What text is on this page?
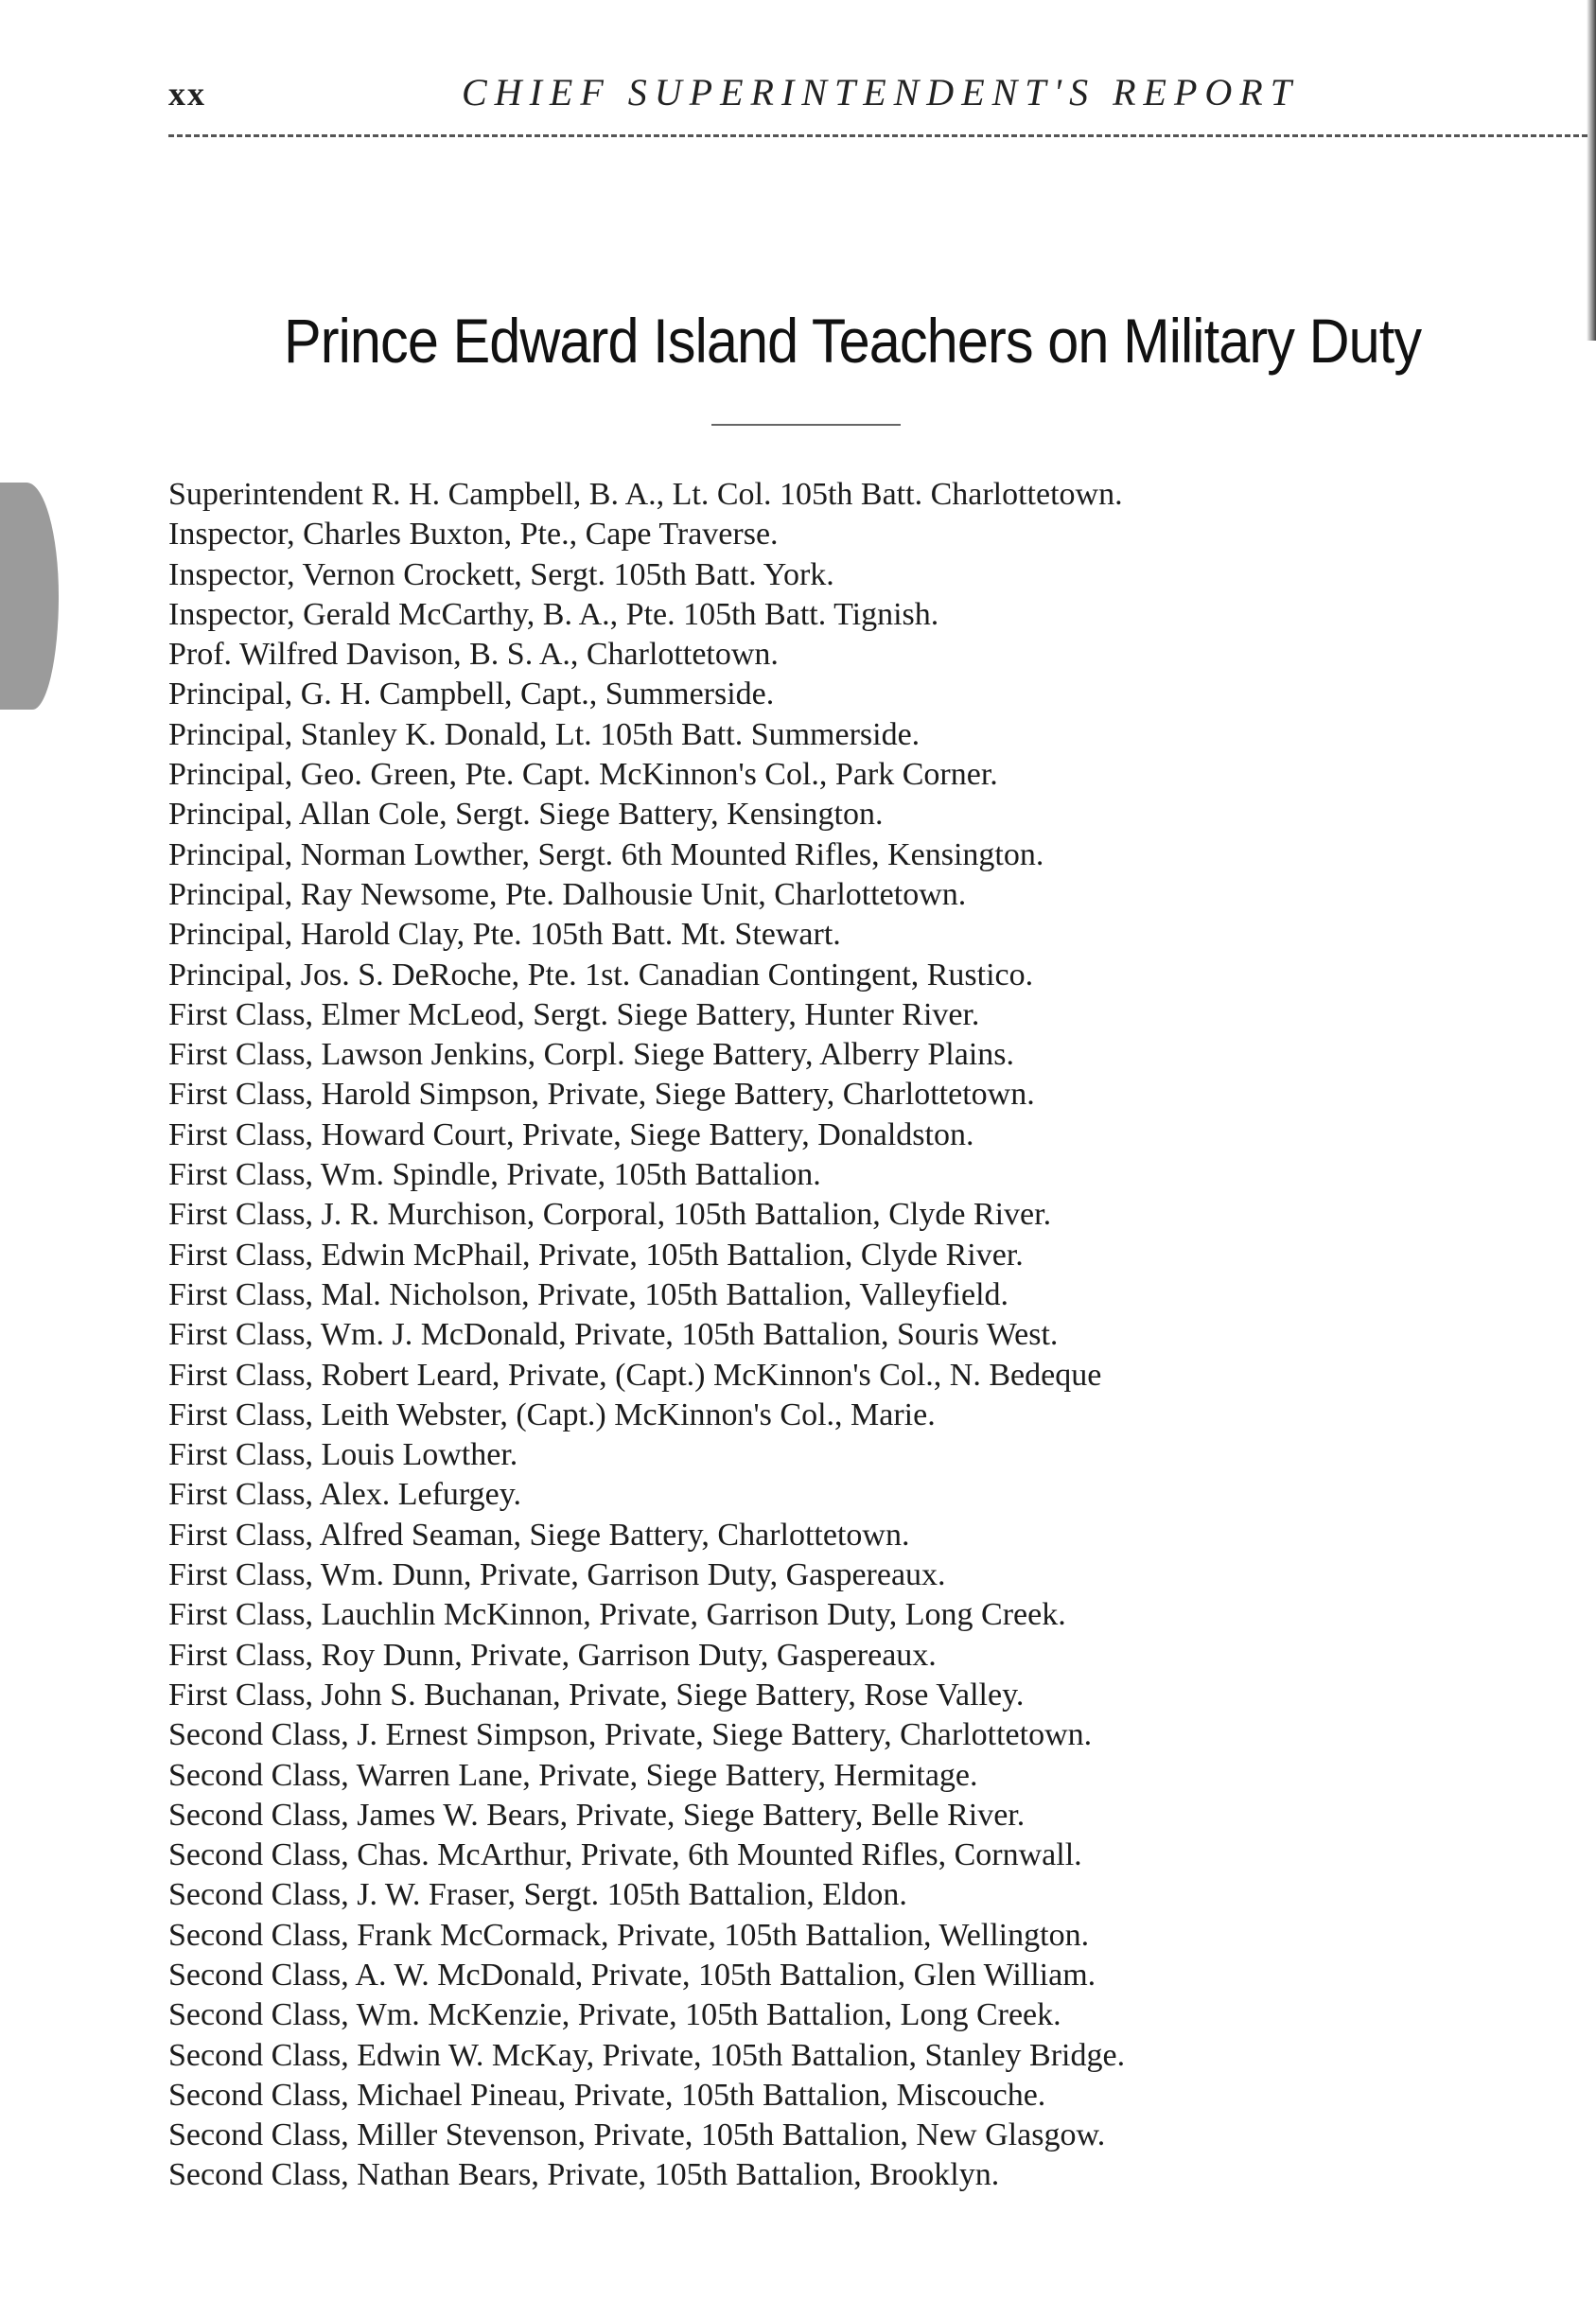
xx	CHIEF SUPERINTENDENT'S REPORT
Prince Edward Island Teachers on Military Duty
Superintendent R. H. Campbell, B. A., Lt. Col. 105th Batt. Charlottetown.
Inspector, Charles Buxton, Pte., Cape Traverse.
Inspector, Vernon Crockett, Sergt. 105th Batt. York.
Inspector, Gerald McCarthy, B. A., Pte. 105th Batt. Tignish.
Prof. Wilfred Davison, B. S. A., Charlottetown.
Principal, G. H. Campbell, Capt., Summerside.
Principal, Stanley K. Donald, Lt. 105th Batt. Summerside.
Principal, Geo. Green, Pte. Capt. McKinnon's Col., Park Corner.
Principal, Allan Cole, Sergt. Siege Battery, Kensington.
Principal, Norman Lowther, Sergt. 6th Mounted Rifles, Kensington.
Principal, Ray Newsome, Pte. Dalhousie Unit, Charlottetown.
Principal, Harold Clay, Pte. 105th Batt. Mt. Stewart.
Principal, Jos. S. DeRoche, Pte. 1st. Canadian Contingent, Rustico.
First Class, Elmer McLeod, Sergt. Siege Battery, Hunter River.
First Class, Lawson Jenkins, Corpl. Siege Battery, Alberry Plains.
First Class, Harold Simpson, Private, Siege Battery, Charlottetown.
First Class, Howard Court, Private, Siege Battery, Donaldston.
First Class, Wm. Spindle, Private, 105th Battalion.
First Class, J. R. Murchison, Corporal, 105th Battalion, Clyde River.
First Class, Edwin McPhail, Private, 105th Battalion, Clyde River.
First Class, Mal. Nicholson, Private, 105th Battalion, Valleyfield.
First Class, Wm. J. McDonald, Private, 105th Battalion, Souris West.
First Class, Robert Leard, Private, (Capt.) McKinnon's Col., N. Bedeque
First Class, Leith Webster, (Capt.) McKinnon's Col., Marie.
First Class, Louis Lowther.
First Class, Alex. Lefurgey.
First Class, Alfred Seaman, Siege Battery, Charlottetown.
First Class, Wm. Dunn, Private, Garrison Duty, Gaspereaux.
First Class, Lauchlin McKinnon, Private, Garrison Duty, Long Creek.
First Class, Roy Dunn, Private, Garrison Duty, Gaspereaux.
First Class, John S. Buchanan, Private, Siege Battery, Rose Valley.
Second Class, J. Ernest Simpson, Private, Siege Battery, Charlottetown.
Second Class, Warren Lane, Private, Siege Battery, Hermitage.
Second Class, James W. Bears, Private, Siege Battery, Belle River.
Second Class, Chas. McArthur, Private, 6th Mounted Rifles, Cornwall.
Second Class, J. W. Fraser, Sergt. 105th Battalion, Eldon.
Second Class, Frank McCormack, Private, 105th Battalion, Wellington.
Second Class, A. W. McDonald, Private, 105th Battalion, Glen William.
Second Class, Wm. McKenzie, Private, 105th Battalion, Long Creek.
Second Class, Edwin W. McKay, Private, 105th Battalion, Stanley Bridge.
Second Class, Michael Pineau, Private, 105th Battalion, Miscouche.
Second Class, Miller Stevenson, Private, 105th Battalion, New Glasgow.
Second Class, Nathan Bears, Private, 105th Battalion, Brooklyn.
